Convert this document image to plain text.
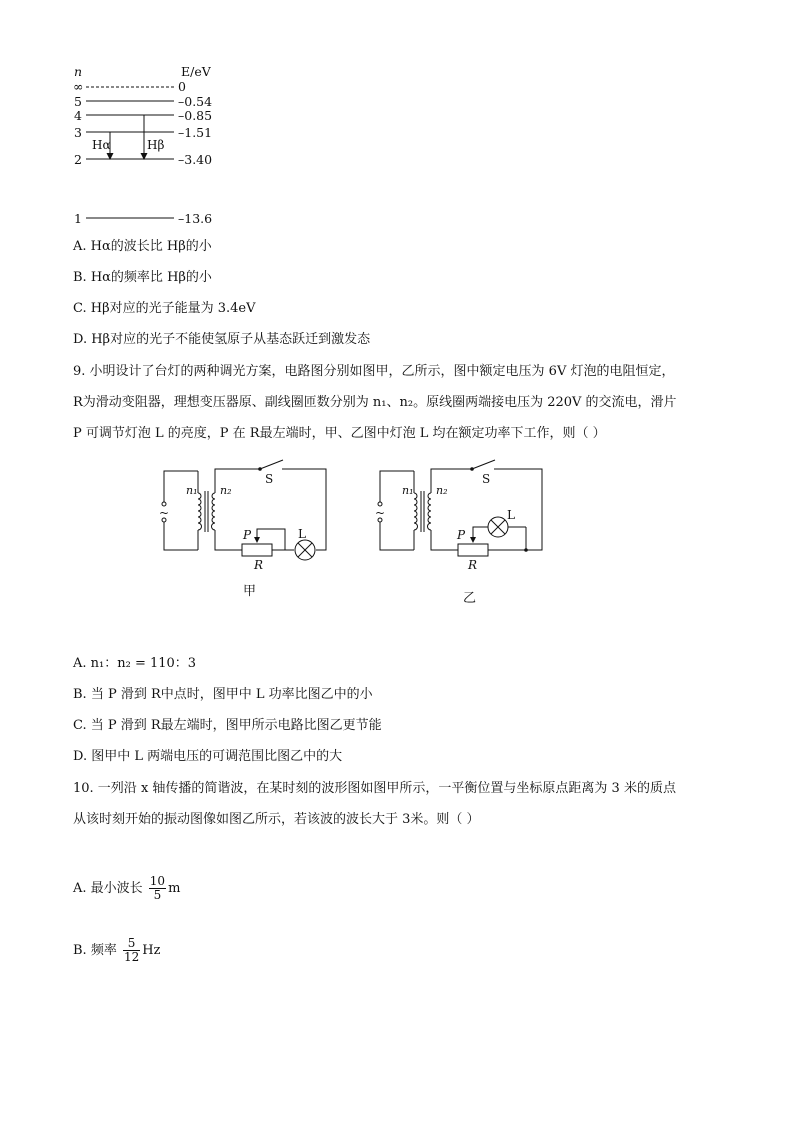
n	E/eV
∞	0
5	–0.54
4	–0.85
3	–1.51
2	–3.40
1	–13.6
Hα	Hβ
A. Hα的波长比 Hβ的小
B. Hα的频率比 Hβ的小
C. Hβ对应的光子能量为 3.4eV
D. Hβ对应的光子不能使氢原子从基态跃迁到激发态
9. 小明设计了台灯的两种调光方案，电路图分别如图甲，乙所示，图中额定电压为 6V 灯泡的电阻恒定，
R为滑动变阻器，理想变压器原、副线圈匝数分别为 n₁、n₂。原线圈两端接电压为 220V 的交流电，滑片
P 可调节灯泡 L 的亮度，P 在 R最左端时，甲、乙图中灯泡 L 均在额定功率下工作，则（ ）
~
n₁ n₂
S
P
R
L
甲
~
n₁ n₂
S
P
R
L
乙
A. n₁：n₂ = 110：3
B. 当 P 滑到 R中点时，图甲中 L 功率比图乙中的小
C. 当 P 滑到 R最左端时，图甲所示电路比图乙更节能
D. 图甲中 L 两端电压的可调范围比图乙中的大
10. 一列沿 x 轴传播的简谐波，在某时刻的波形图如图甲所示，一平衡位置与坐标原点距离为 3 米的质点
从该时刻开始的振动图像如图乙所示，若该波的波长大于 3米。则（ ）
A. 最小波长 $\frac{10}{5}$ m
B. 频率 $\frac{5}{12}$ Hz
